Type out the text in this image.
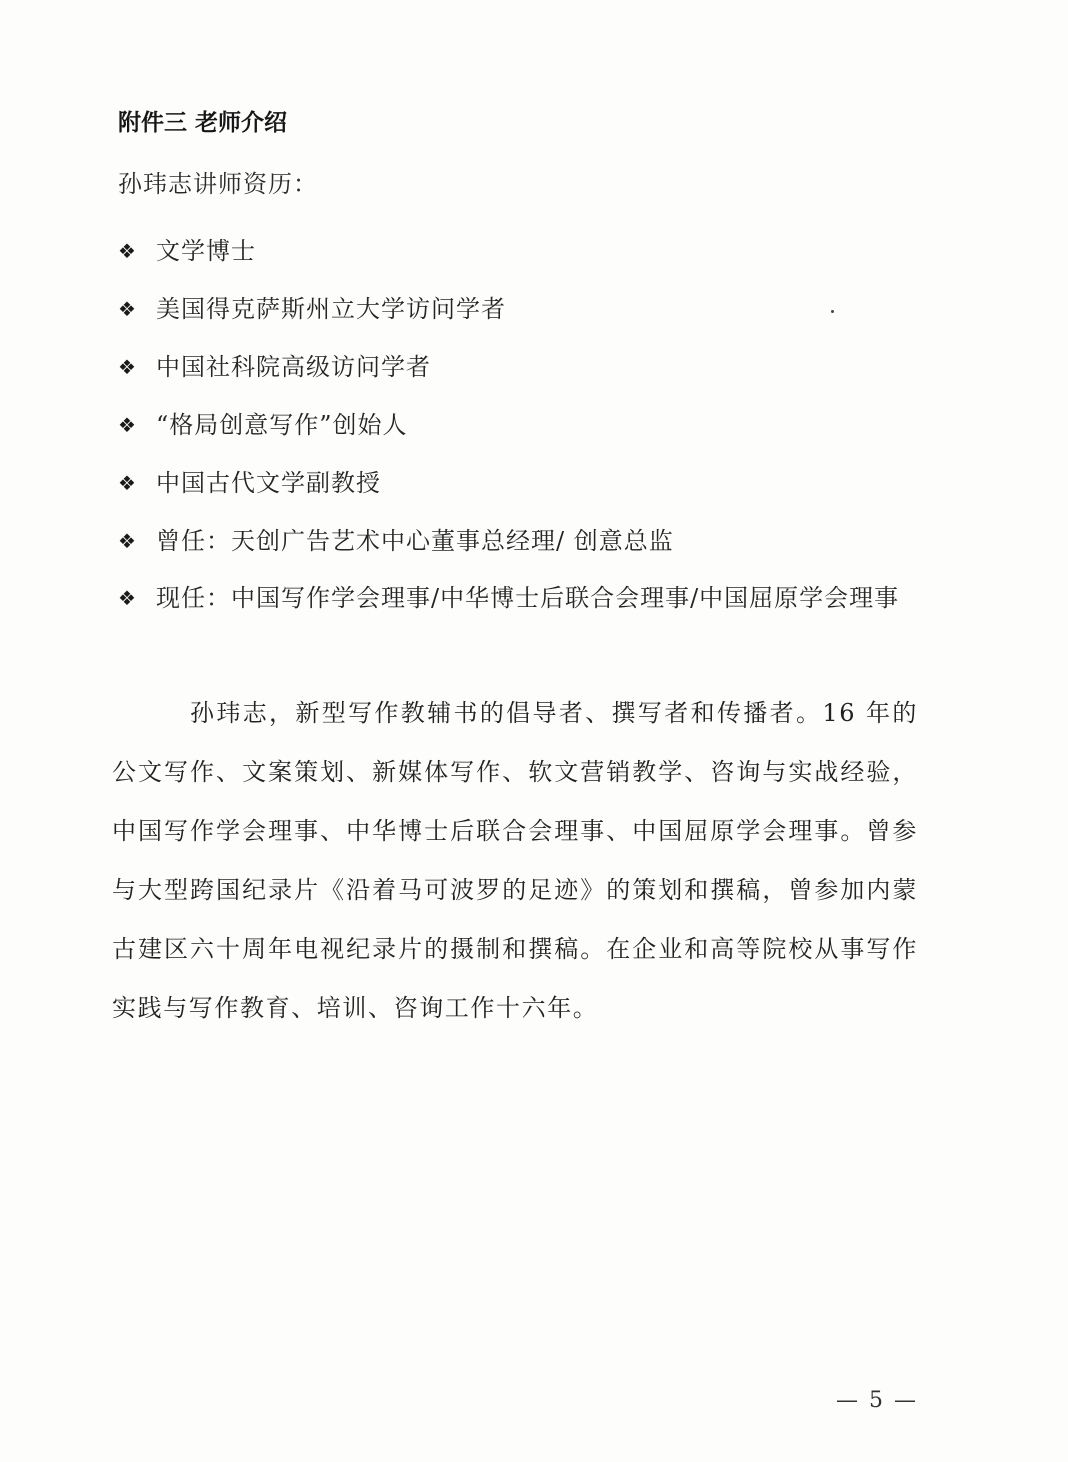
附件三 老师介绍
孙玮志讲师资历：
❖ 文学博士
❖ 美国得克萨斯州立大学访问学者
❖ 中国社科院高级访问学者
❖ “格局创意写作”创始人
❖ 中国古代文学副教授
❖ 曾任：天创广告艺术中心董事总经理/ 创意总监
❖ 现任：中国写作学会理事/中华博士后联合会理事/中国屈原学会理事

孙玮志，新型写作教辅书的倡导者、撰写者和传播者。16 年的公文写作、文案策划、新媒体写作、软文营销教学、咨询与实战经验，中国写作学会理事、中华博士后联合会理事、中国屈原学会理事。曾参与大型跨国纪录片《沿着马可波罗的足迹》的策划和撰稿，曾参加内蒙古建区六十周年电视纪录片的摄制和撰稿。在企业和高等院校从事写作实践与写作教育、培训、咨询工作十六年。

— 5 —
